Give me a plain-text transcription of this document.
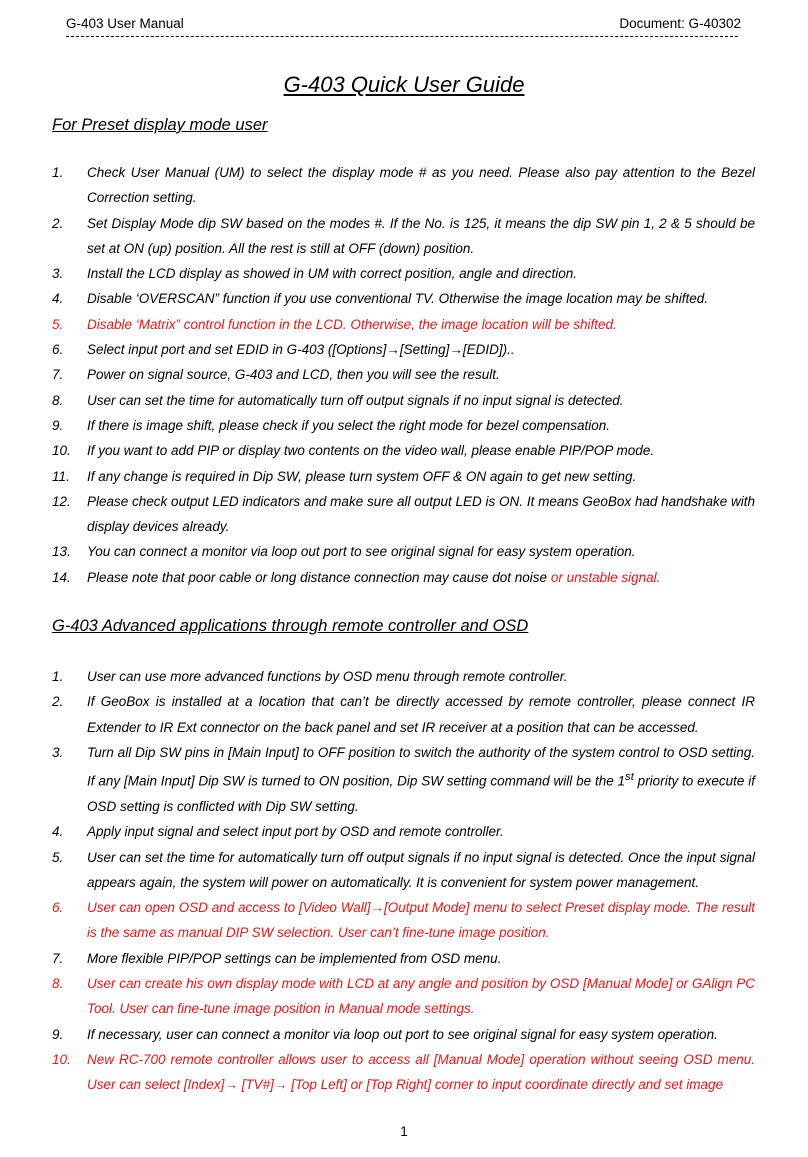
G-403 User Manual	Document: G-40302
G-403 Quick User Guide
For Preset display mode user
1. Check User Manual (UM) to select the display mode # as you need. Please also pay attention to the Bezel Correction setting.
2. Set Display Mode dip SW based on the modes #. If the No. is 125, it means the dip SW pin 1, 2 & 5 should be set at ON (up) position. All the rest is still at OFF (down) position.
3. Install the LCD display as showed in UM with correct position, angle and direction.
4. Disable ‘OVERSCAN” function if you use conventional TV. Otherwise the image location may be shifted.
5. Disable ‘Matrix” control function in the LCD. Otherwise, the image location will be shifted.
6. Select input port and set EDID in G-403 ([Options]→[Setting]→[EDID])..
7. Power on signal source, G-403 and LCD, then you will see the result.
8. User can set the time for automatically turn off output signals if no input signal is detected.
9. If there is image shift, please check if you select the right mode for bezel compensation.
10. If you want to add PIP or display two contents on the video wall, please enable PIP/POP mode.
11. If any change is required in Dip SW, please turn system OFF & ON again to get new setting.
12. Please check output LED indicators and make sure all output LED is ON. It means GeoBox had handshake with display devices already.
13. You can connect a monitor via loop out port to see original signal for easy system operation.
14. Please note that poor cable or long distance connection may cause dot noise or unstable signal.
G-403 Advanced applications through remote controller and OSD
1. User can use more advanced functions by OSD menu through remote controller.
2. If GeoBox is installed at a location that can’t be directly accessed by remote controller, please connect IR Extender to IR Ext connector on the back panel and set IR receiver at a position that can be accessed.
3. Turn all Dip SW pins in [Main Input] to OFF position to switch the authority of the system control to OSD setting. If any [Main Input] Dip SW is turned to ON position, Dip SW setting command will be the 1st priority to execute if OSD setting is conflicted with Dip SW setting.
4. Apply input signal and select input port by OSD and remote controller.
5. User can set the time for automatically turn off output signals if no input signal is detected. Once the input signal appears again, the system will power on automatically. It is convenient for system power management.
6. User can open OSD and access to [Video Wall]→[Output Mode] menu to select Preset display mode. The result is the same as manual DIP SW selection. User can’t fine-tune image position.
7. More flexible PIP/POP settings can be implemented from OSD menu.
8. User can create his own display mode with LCD at any angle and position by OSD [Manual Mode] or GAlign PC Tool. User can fine-tune image position in Manual mode settings.
9. If necessary, user can connect a monitor via loop out port to see original signal for easy system operation.
10. New RC-700 remote controller allows user to access all [Manual Mode] operation without seeing OSD menu. User can select [Index]→ [TV#]→ [Top Left] or [Top Right] corner to input coordinate directly and set image
1
